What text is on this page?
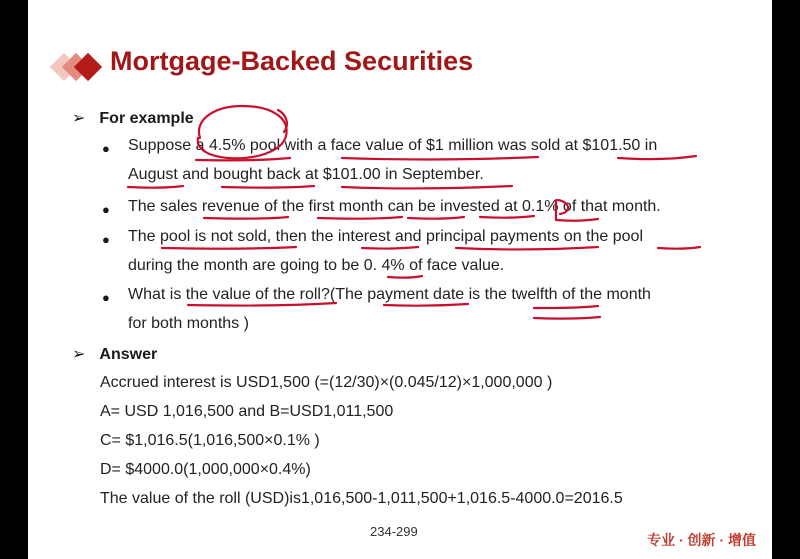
Mortgage-Backed Securities
➢ For example
●	Suppose a 4.5% pool with a face value of $1 million was sold at $101.50 in
August and bought back at $101.00 in September.
●	The sales revenue of the first month can be invested at 0.1% of that month.
●	The pool is not sold, then the interest and principal payments on the pool
during the month are going to be 0. 4% of face value.
●	What is the value of the roll?(The payment date is the twelfth of the month
for both months )
➢ Answer
Accrued interest is USD1,500 (=(12/30)×(0.045/12)×1,000,000 )
A= USD 1,016,500 and B=USD1,011,500
C= $1,016.5(1,016,500×0.1% )
D= $4000.0(1,000,000×0.4%)
The value of the roll (USD)is1,016,500-1,011,500+1,016.5-4000.0=2016.5
234-299
专业 · 创新 · 增值
